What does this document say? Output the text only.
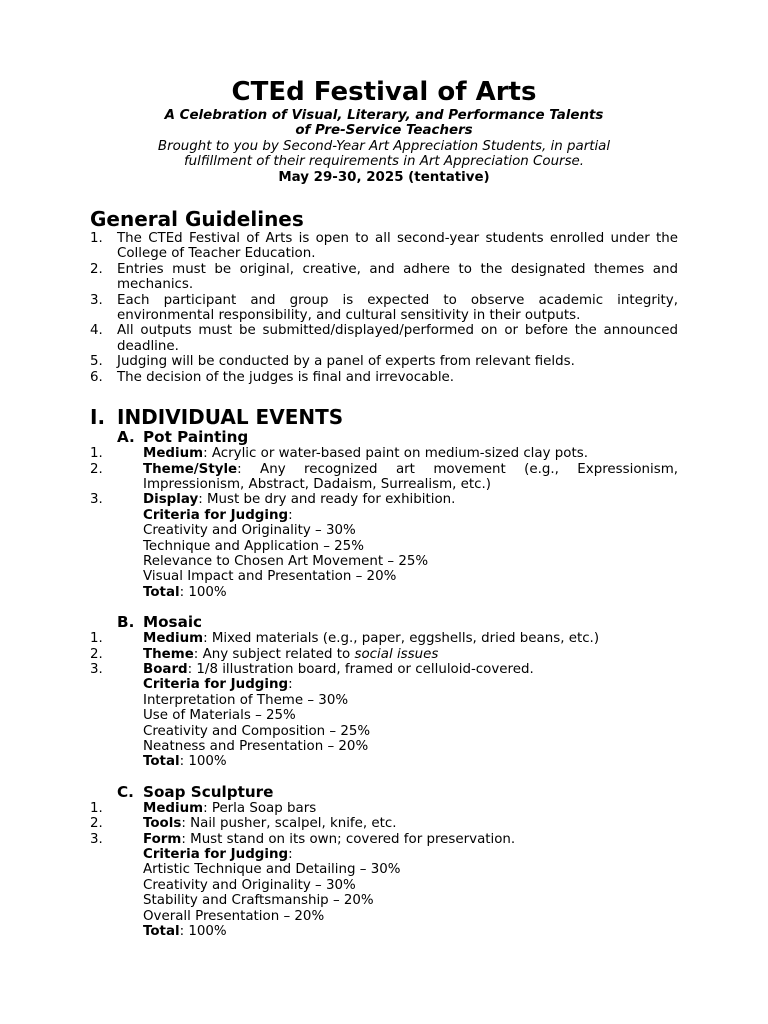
CTEd Festival of Arts
A Celebration of Visual, Literary, and Performance Talents
of Pre-Service Teachers
Brought to you by Second-Year Art Appreciation Students, in partial
fulfillment of their requirements in Art Appreciation Course.
May 29-30, 2025 (tentative)
General Guidelines
1.	The CTEd Festival of Arts is open to all second-year students enrolled under the College of Teacher Education.
2.	Entries must be original, creative, and adhere to the designated themes and mechanics.
3.	Each participant and group is expected to observe academic integrity, environmental responsibility, and cultural sensitivity in their outputs.
4.	All outputs must be submitted/displayed/performed on or before the announced deadline.
5.	Judging will be conducted by a panel of experts from relevant fields.
6.	The decision of the judges is final and irrevocable.
I. INDIVIDUAL EVENTS
A. Pot Painting
1.	Medium: Acrylic or water-based paint on medium-sized clay pots.
2.	Theme/Style: Any recognized art movement (e.g., Expressionism, Impressionism, Abstract, Dadaism, Surrealism, etc.)
3.	Display: Must be dry and ready for exhibition.
Criteria for Judging:
Creativity and Originality – 30%
Technique and Application – 25%
Relevance to Chosen Art Movement – 25%
Visual Impact and Presentation – 20%
Total: 100%
B. Mosaic
1.	Medium: Mixed materials (e.g., paper, eggshells, dried beans, etc.)
2.	Theme: Any subject related to social issues
3.	Board: 1/8 illustration board, framed or celluloid-covered.
Criteria for Judging:
Interpretation of Theme – 30%
Use of Materials – 25%
Creativity and Composition – 25%
Neatness and Presentation – 20%
Total: 100%
C. Soap Sculpture
1.	Medium: Perla Soap bars
2.	Tools: Nail pusher, scalpel, knife, etc.
3.	Form: Must stand on its own; covered for preservation.
Criteria for Judging:
Artistic Technique and Detailing – 30%
Creativity and Originality – 30%
Stability and Craftsmanship – 20%
Overall Presentation – 20%
Total: 100%
